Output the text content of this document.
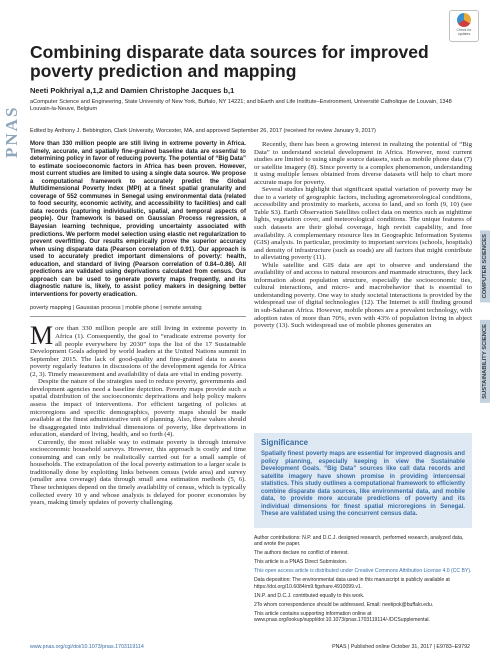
PNAS
Check for updates
Combining disparate data sources for improved poverty prediction and mapping
Neeti Pokhriyal a,1,2 and Damien Christophe Jacques b,1
aComputer Science and Engineering, State University of New York, Buffalo, NY 14221; and bEarth and Life Institute–Environment, Université Catholique de Louvain, 1348 Louvain-la-Neuve, Belgium
Edited by Anthony J. Bebbington, Clark University, Worcester, MA, and approved September 26, 2017 (received for review January 9, 2017)

More than 330 million people are still living in extreme poverty in Africa. Timely, accurate, and spatially fine-grained baseline data are essential to determining policy in favor of reducing poverty. The potential of “Big Data” to estimate socioeconomic factors in Africa has been proven. However, most current studies are limited to using a single data source. We propose a computational framework to accurately predict the Global Multidimensional Poverty Index (MPI) at a finest spatial granularity and coverage of 552 communes in Senegal using environmental data (related to food security, economic activity, and accessibility to facilities) and call data records (capturing individualistic, spatial, and temporal aspects of people). Our framework is based on Gaussian Process regression, a Bayesian learning technique, providing uncertainty associated with predictions. We perform model selection using elastic net regularization to prevent overfitting. Our results empirically prove the superior accuracy when using disparate data (Pearson correlation of 0.91). Our approach is used to accurately predict important dimensions of poverty: health, education, and standard of living (Pearson correlation of 0.84–0.86). All predictions are validated using deprivations calculated from census. Our approach can be used to generate poverty maps frequently, and its diagnostic nature is, likely, to assist policy makers in designing better interventions for poverty eradication.

poverty mapping | Gaussian process | mobile phone | remote sensing

More than 330 million people are still living in extreme poverty in Africa (1). Consequently, the goal to “eradicate extreme poverty for all people everywhere by 2030” tops the list of the 17 Sustainable Development Goals adopted by world leaders at the United Nations summit in September 2015. The lack of good-quality and fine-grained data to assess poverty regularly features in discussions of the development agenda for Africa (2, 3). Timely measurement and availability of data are vital in ending poverty.

Despite the nature of the strategies used to reduce poverty, governments and development agencies need a baseline depiction. Poverty maps provide such a spatial distribution of the socioeconomic deprivations and help policy makers assess the impact of interventions. For efficient targeting of policies at microregions and specific demographics, poverty maps should be made available at the finest administrative unit of planning. Also, these values should be disaggregated into individual dimensions of poverty, like deprivations in education, standard of living, health, and so forth (4).

Currently, the most reliable way to estimate poverty is through intensive socioeconomic household surveys. However, this approach is costly and time consuming and can only be realistically carried out for a small sample of households. The extrapolation of the local poverty estimation to a larger scale is traditionally done by exploiting links between census (wide area) and survey (smaller area coverage) data through small area estimation methods (5, 6). These techniques depend on the timely availability of census, which is typically collected every 10 y and whose analysis is delayed for poorer economies by years, making timely updates of poverty challenging.

Recently, there has been a growing interest in realizing the potential of “Big Data” to understand societal development in Africa. However, most current studies are limited to using single source datasets, such as mobile phone data (7) or satellite imagery (8). Since poverty is a complex phenomenon, understanding it using multiple lenses obtained from diverse datasets will help to chart more accurate maps for poverty.

Several studies highlight that significant spatial variation of poverty may be due to a variety of geographic factors, including agrometeorological conditions, accessibility and proximity to markets, access to land, and so forth (9, 10) (see Table S3). Earth Observation Satellites collect data on metrics such as nighttime lights, vegetation cover, and meteorological conditions. The unique features of such datasets are their global coverage, high revisit capability, and free availability. A complementary resource lies in Geographic Information Systems (GIS) analysis. In particular, proximity to important services (schools, hospitals) and density of infrastructure (such as roads) are all factors that might contribute to alleviating poverty (11).

While satellite and GIS data are apt to observe and understand the availability of and access to natural resources and manmade structures, they lack information about population structure, especially the socioeconomic ties, cultural interactions, and micro- and macrobehavior that is essential to understanding poverty. One way to study societal interactions is provided by the widespread use of digital technologies (12). The Internet is still finding ground in sub-Saharan Africa. However, mobile phones are a prevalent technology, with adoption rates of more than 70%, even with 43% of population living in abject poverty (13). Such widespread use of mobile phones generates an

Significance

Spatially finest poverty maps are essential for improved diagnosis and policy planning, especially keeping in view the Sustainable Development Goals. “Big Data” sources like call data records and satellite imagery have shown promise in providing intercensal statistics. This study outlines a computational framework to efficiently combine disparate data sources, like environmental data, and mobile data, to provide more accurate predictions of poverty and its individual dimensions for finest spatial microregions in Senegal. These are validated using the concurrent census data.

Author contributions: N.P. and D.C.J. designed research, performed research, analyzed data, and wrote the paper.

The authors declare no conflict of interest.

This article is a PNAS Direct Submission.

This open access article is distributed under Creative Commons Attribution License 4.0 (CC BY).

Data deposition: The environmental data used in this manuscript is publicly available at https://doi.org/10.6084/m9.figshare.4910099.v1.

1N.P. and D.C.J. contributed equally to this work.

2To whom correspondence should be addressed. Email: neetipok@buffalo.edu.

This article contains supporting information online at www.pnas.org/lookup/suppl/doi:10.1073/pnas.1703119114/-/DCSupplemental.

COMPUTER SCIENCES
SUSTAINABILITY SCIENCE
www.pnas.org/cgi/doi/10.1073/pnas.1703119114	PNAS | Published online October 31, 2017 | E9783–E9792
